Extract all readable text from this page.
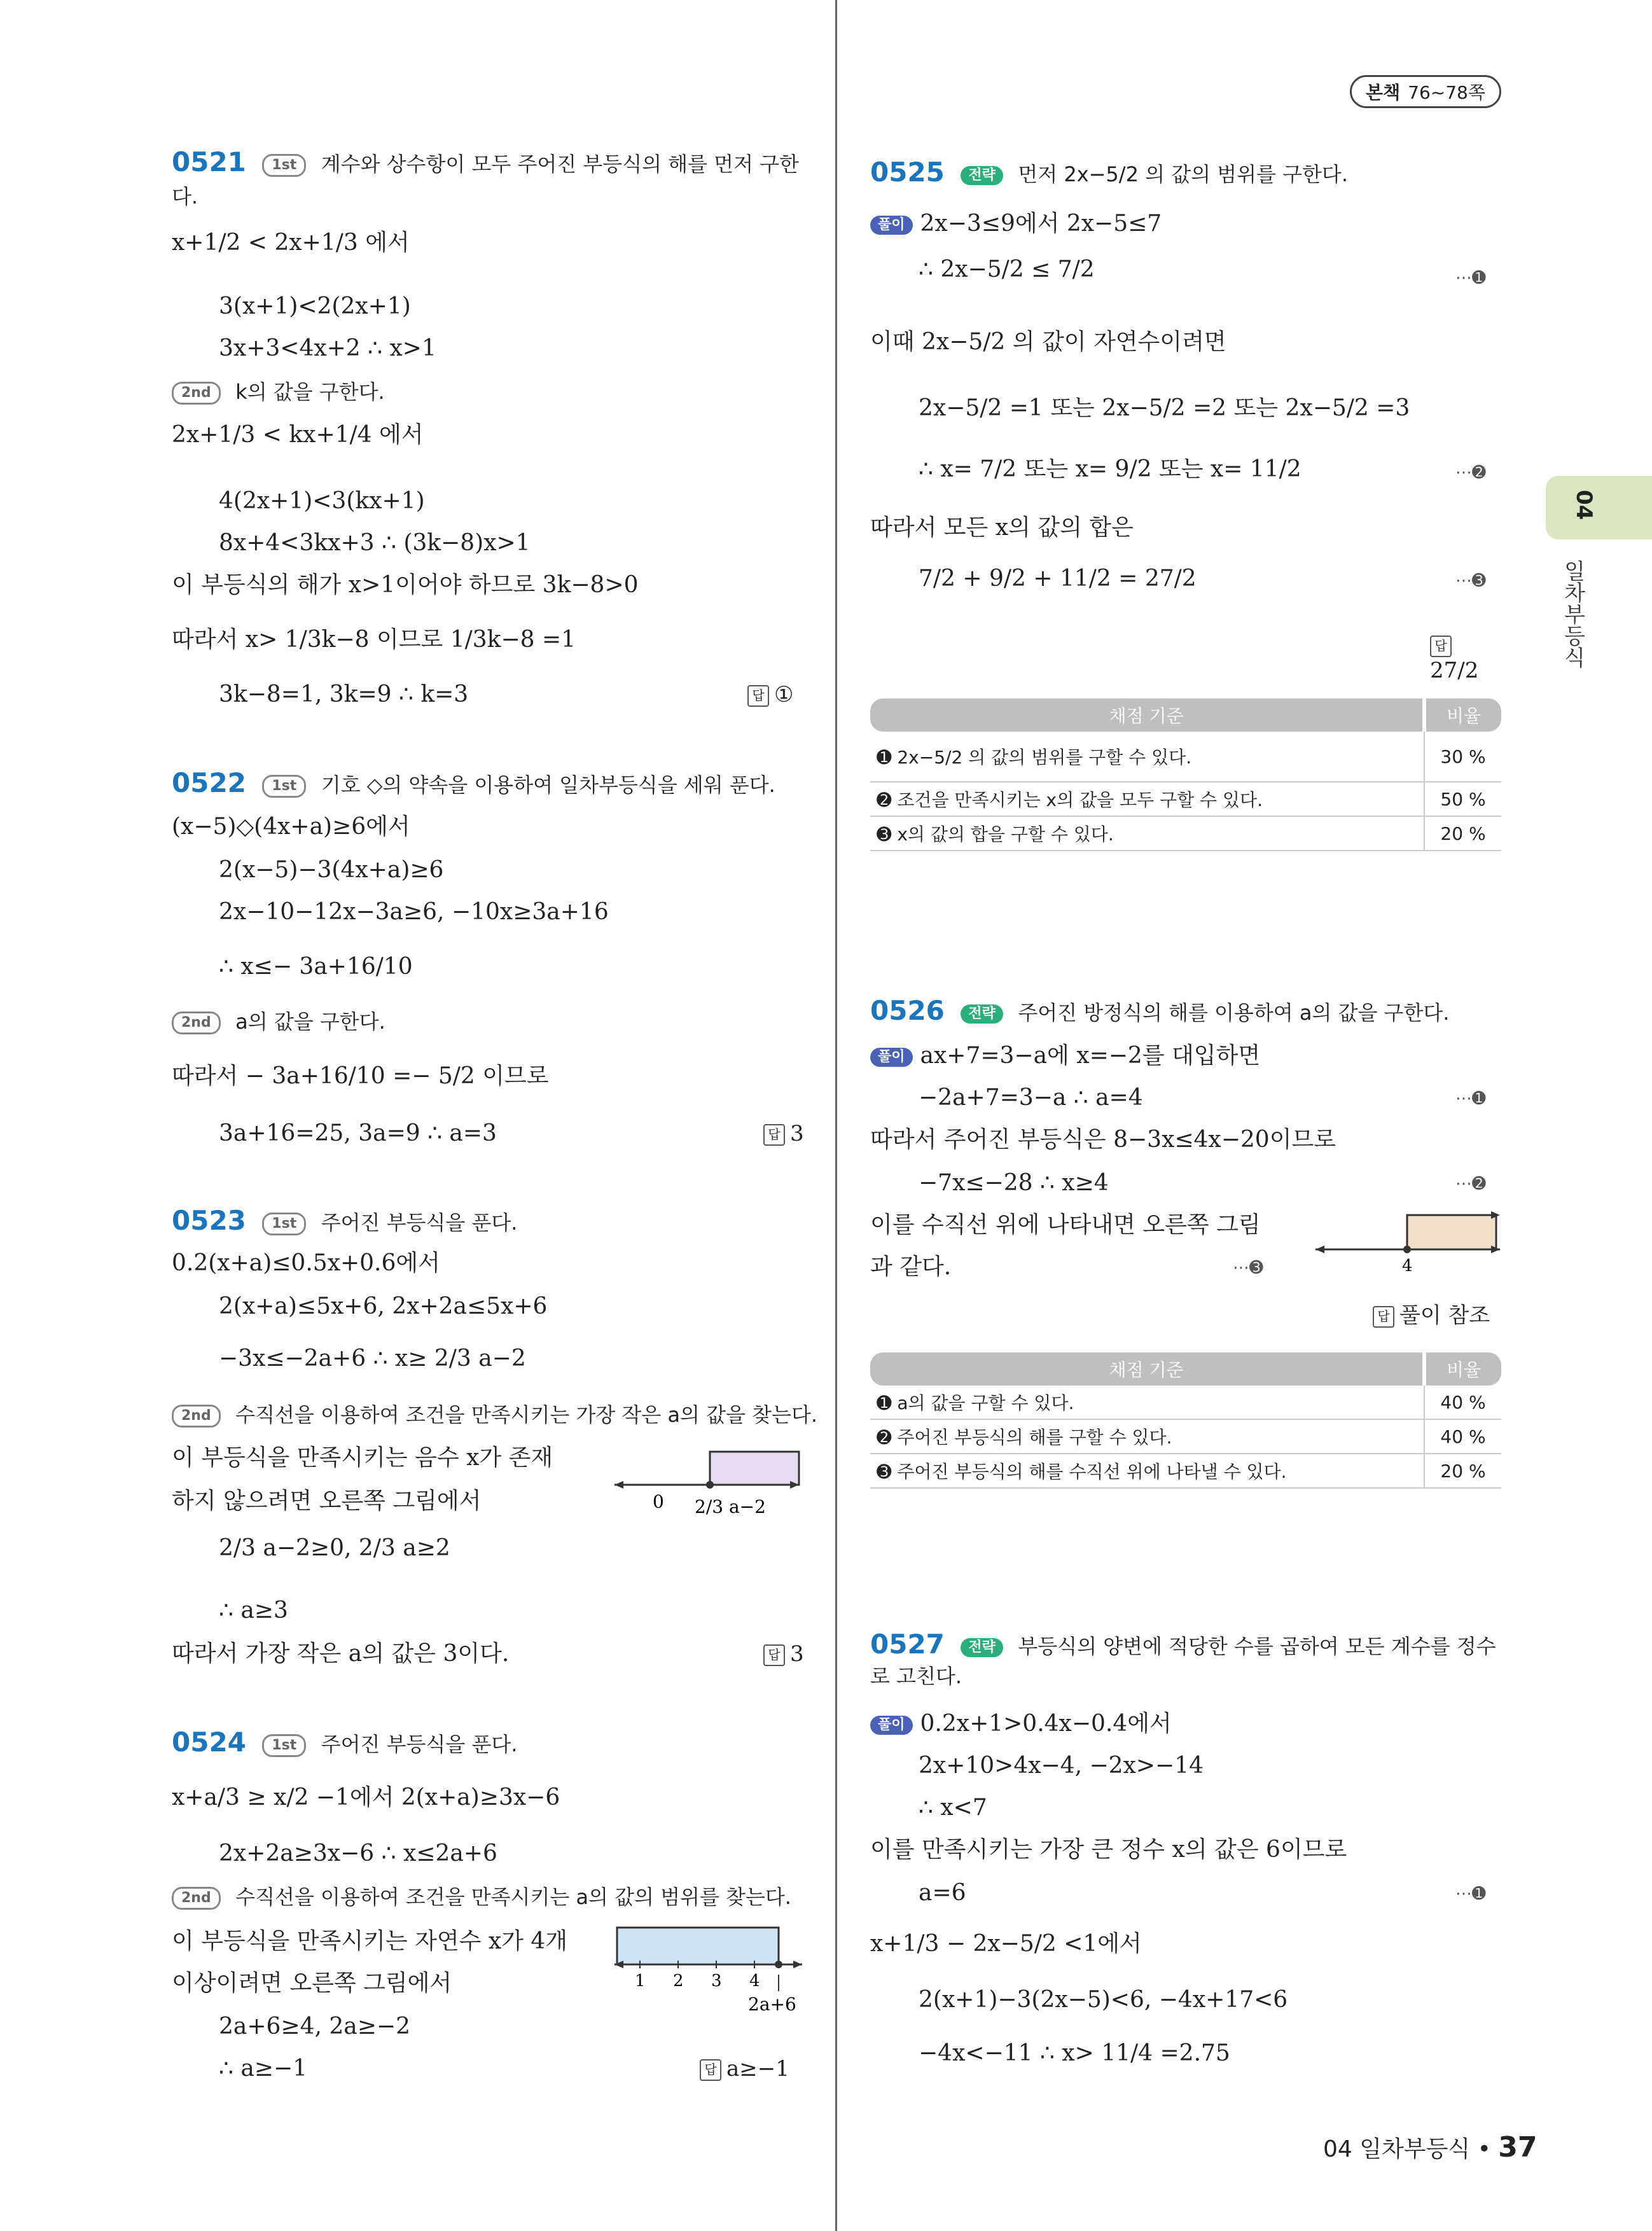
본책 76~78쪽
04
일차부등식
0521 1st 계수와 상수항이 모두 주어진 부등식의 해를 먼저 구한
다.
x+1/2 < 2x+1/3 에서
3(x+1)<2(2x+1)
3x+3<4x+2 ∴ x>1
2nd k의 값을 구한다.
2x+1/3 < kx+1/4 에서
4(2x+1)<3(kx+1)
8x+4<3kx+3 ∴ (3k−8)x>1
이 부등식의 해가 x>1이어야 하므로 3k−8>0
따라서 x> 1/3k−8 이므로 1/3k−8 =1
3k−8=1, 3k=9 ∴ k=3	답 ①
0522 1st 기호 ◇의 약속을 이용하여 일차부등식을 세워 푼다.
(x−5)◇(4x+a)≥6에서
2(x−5)−3(4x+a)≥6
2x−10−12x−3a≥6, −10x≥3a+16
∴ x≤− 3a+16/10
2nd a의 값을 구한다.
따라서 − 3a+16/10 =− 5/2 이므로
3a+16=25, 3a=9 ∴ a=3	답 3
0523 1st 주어진 부등식을 푼다.
0.2(x+a)≤0.5x+0.6에서
2(x+a)≤5x+6, 2x+2a≤5x+6
−3x≤−2a+6 ∴ x≥ 2/3 a−2
2nd 수직선을 이용하여 조건을 만족시키는 가장 작은 a의 값을 찾는다.
이 부등식을 만족시키는 음수 x가 존재
하지 않으려면 오른쪽 그림에서	0 2/3 a−2
2/3 a−2≥0, 2/3 a≥2
∴ a≥3
따라서 가장 작은 a의 값은 3이다.	답 3
0524 1st 주어진 부등식을 푼다.
x+a/3 ≥ x/2 −1에서 2(x+a)≥3x−6
2x+2a≥3x−6 ∴ x≤2a+6
2nd 수직선을 이용하여 조건을 만족시키는 a의 값의 범위를 찾는다.
이 부등식을 만족시키는 자연수 x가 4개
이상이려면 오른쪽 그림에서	1 2 3 4
2a+6
2a+6≥4, 2a≥−2
∴ a≥−1	답 a≥−1
0525 전략 먼저 2x−5/2 의 값의 범위를 구한다.
풀이 2x−3≤9에서 2x−5≤7
∴ 2x−5/2 ≤ 7/2	⋯➊
이때 2x−5/2 의 값이 자연수이려면
2x−5/2 =1 또는 2x−5/2 =2 또는 2x−5/2 =3
∴ x= 7/2 또는 x= 9/2 또는 x= 11/2	⋯➋
따라서 모든 x의 값의 합은
7/2 + 9/2 + 11/2 = 27/2	⋯➌
답27/2
채점 기준	비율
➊ 2x−5/2 의 값의 범위를 구할 수 있다.	30 %
➋ 조건을 만족시키는 x의 값을 모두 구할 수 있다.	50 %
➌ x의 값의 합을 구할 수 있다.	20 %
0526 전략 주어진 방정식의 해를 이용하여 a의 값을 구한다.
풀이 ax+7=3−a에 x=−2를 대입하면
−2a+7=3−a ∴ a=4	⋯➊
따라서 주어진 부등식은 8−3x≤4x−20이므로
−7x≤−28 ∴ x≥4	⋯➋
이를 수직선 위에 나타내면 오른쪽 그림
과 같다.	⋯➌	4
답 풀이 참조
채점 기준	비율
➊ a의 값을 구할 수 있다.	40 %
➋ 주어진 부등식의 해를 구할 수 있다.	40 %
➌ 주어진 부등식의 해를 수직선 위에 나타낼 수 있다.	20 %
0527 전략 부등식의 양변에 적당한 수를 곱하여 모든 계수를 정수
로 고친다.
풀이 0.2x+1>0.4x−0.4에서
2x+10>4x−4, −2x>−14
∴ x<7
이를 만족시키는 가장 큰 정수 x의 값은 6이므로
a=6	⋯➊
x+1/3 − 2x−5/2 <1에서
2(x+1)−3(2x−5)<6, −4x+17<6
−4x<−11 ∴ x> 11/4 =2.75
04 일차부등식 • 37
